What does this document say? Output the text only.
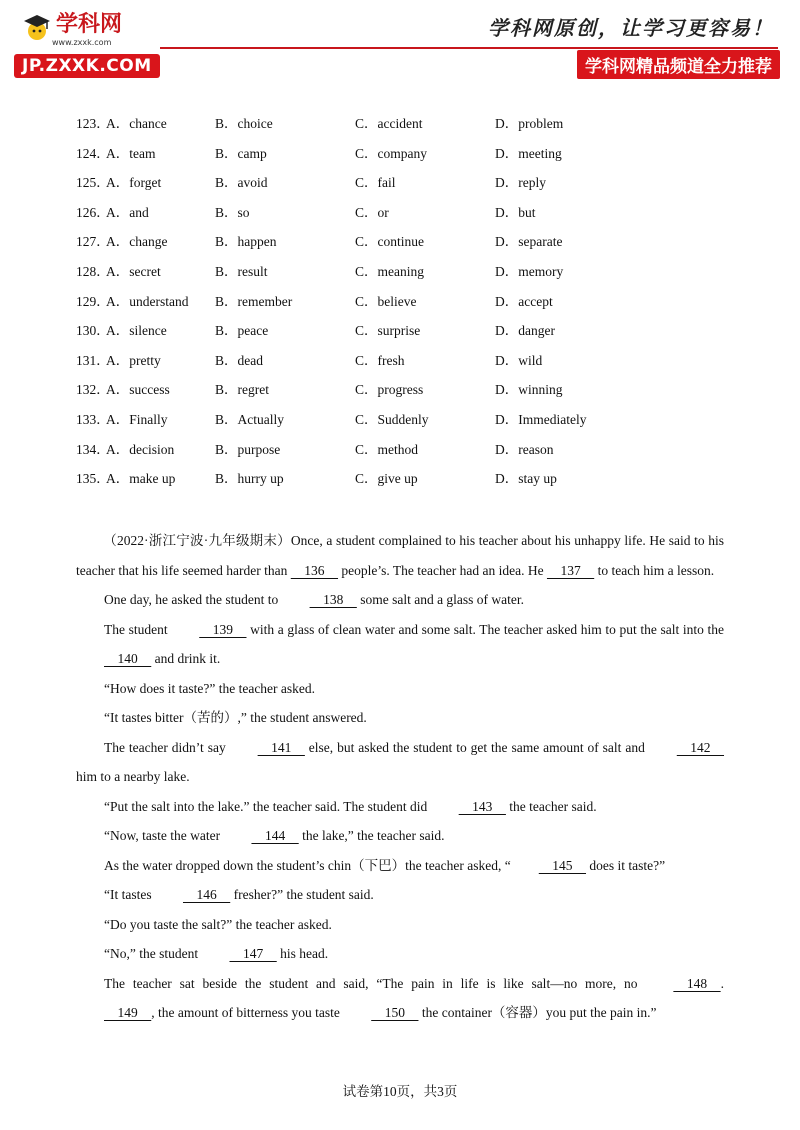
学科网
www.zxxk.com
JP.ZXXK.COM
学科网原创，让学习更容易！
学科网精品频道全力推荐
123．
A．chance	B．choice	C．accident	D．problem
124．
A．team	B．camp	C．company	D．meeting
125．
A．forget	B．avoid	C．fail	D．reply
126．
A．and	B．so	C．or	D．but
127．
A．change	B．happen	C．continue	D．separate
128．
A．secret	B．result	C．meaning	D．memory
129．
A．understand B．remember	C．believe	D．accept
130．
A．silence	B．peace	C．surprise	D．danger
131．
A．pretty	B．dead	C．fresh	D．wild
132．
A．success	B．regret	C．progress	D．winning
133．
A．Finally	B．Actually	C．Suddenly	D．Immediately
134．
A．decision	B．purpose	C．method	D．reason
135．
A．make up	B．hurry up	C．give up	D．stay up

  （2022·浙江宁波·九年级期末）Once, a student complained to his teacher about his unhappy life. He said to his teacher that his life seemed harder than     136     people’s. The teacher had an idea. He     137     to teach him a lesson.

One day, he asked the student to     138     some salt and a glass of water.

The student     139     with a glass of clean water and some salt. The teacher asked him to put the salt into the     140     and drink it.

“How does it taste?” the teacher asked.

“It tastes bitter（苦的）,” the student answered.

The teacher didn’t say     141     else, but asked the student to get the same amount of salt and     142     him to a nearby lake.

“Put the salt into the lake.” the teacher said. The student did     143     the teacher said.

“Now, taste the water     144     the lake,” the teacher said.

As the water dropped down the student’s chin（下巴）the teacher asked, “    145     does it taste?”

“It tastes     146     fresher?” the student said.

“Do you taste the salt?” the teacher asked.

“No,” the student     147     his head.

The teacher sat beside the student and said, “The pain in life is like salt—no more, no     148    .     149    , the amount of bitterness you taste     150     the container（容器）you put the pain in.”

试卷第10页，共3页
